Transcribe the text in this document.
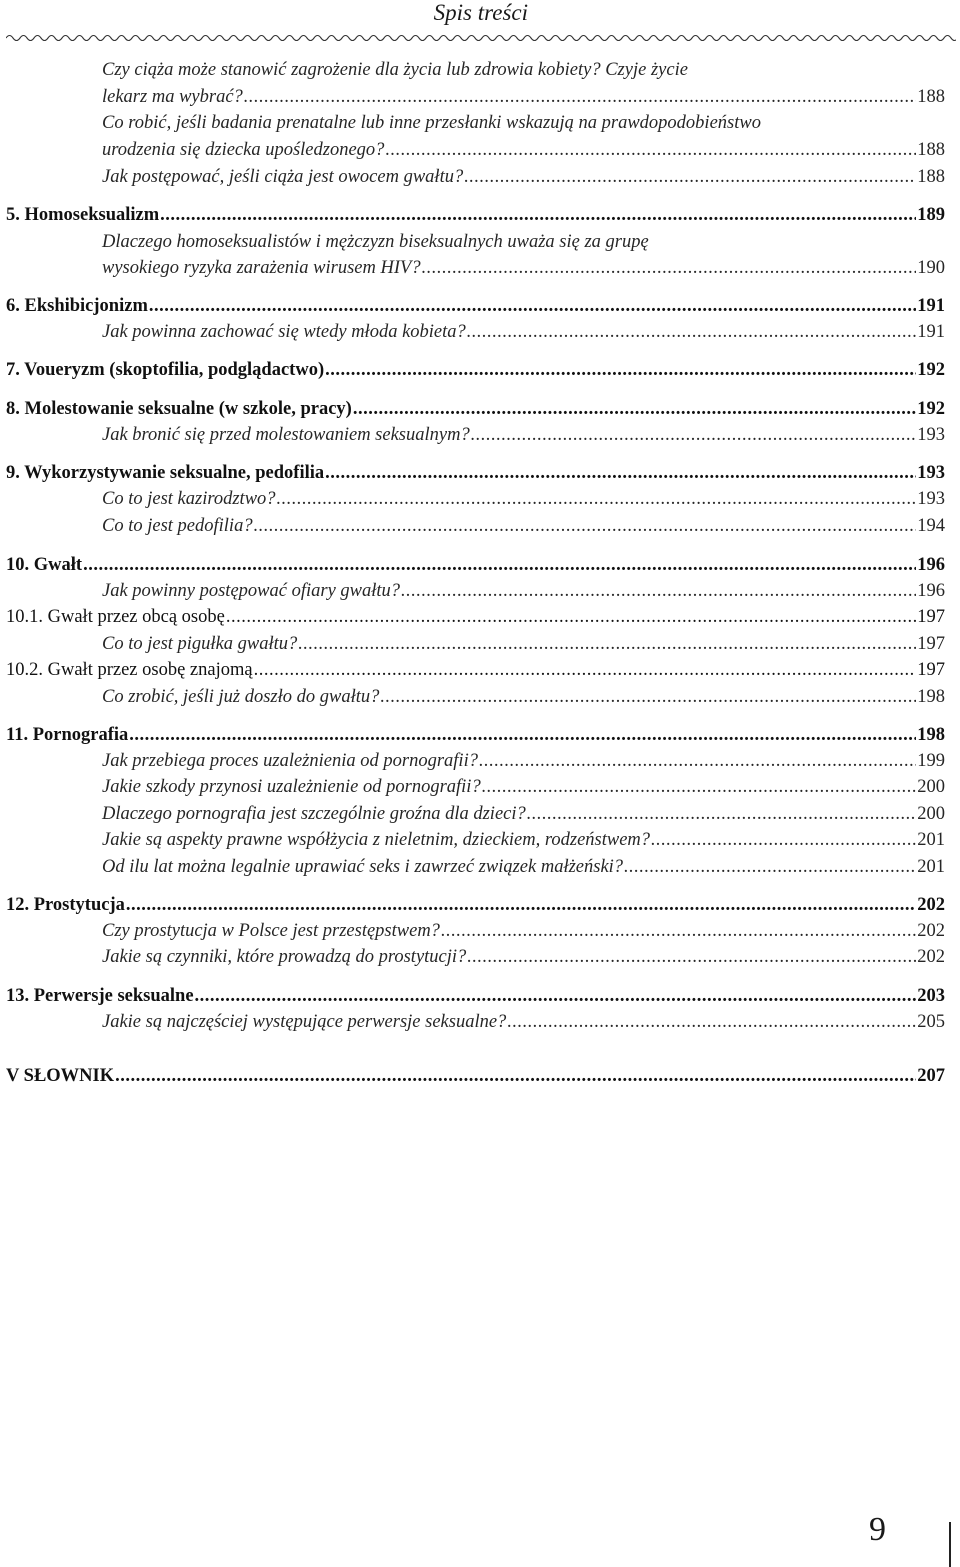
Spis treści
Czy ciąża może stanowić zagrożenie dla życia lub zdrowia kobiety? Czyje życie
lekarz ma wybrać? .....	188
Co robić, jeśli badania prenatalne lub inne przesłanki wskazują na prawdopodobieństwo
urodzenia się dziecka upośledzonego? .....	188
Jak postępować, jeśli ciąża jest owocem gwałtu? .....	188
5. Homoseksualizm .....	189
Dlaczego homoseksualistów i mężczyzn biseksualnych uważa się za grupę
wysokiego ryzyka zarażenia wirusem HIV? .....	190
6. Ekshibicjonizm .....	191
Jak powinna zachować się wtedy młoda kobieta? .....	191
7. Voueryzm (skoptofilia, podglądactwo) .....	192
8. Molestowanie seksualne (w szkole, pracy) .....	192
Jak bronić się przed molestowaniem seksualnym? .....	193
9. Wykorzystywanie seksualne, pedofilia .....	193
Co to jest kazirodztwo? .....	193
Co to jest pedofilia? .....	194
10. Gwałt .....	196
Jak powinny postępować ofiary gwałtu? .....	196
10.1. Gwałt przez obcą osobę .....	197
Co to jest pigułka gwałtu? .....	197
10.2. Gwałt przez osobę znajomą .....	197
Co zrobić, jeśli już doszło do gwałtu? .....	198
11. Pornografia .....	198
Jak przebiega proces uzależnienia od pornografii? .....	199
Jakie szkody przynosi uzależnienie od pornografii? .....	200
Dlaczego pornografia jest szczególnie groźna dla dzieci? .....	200
Jakie są aspekty prawne współżycia z nieletnim, dzieckiem, rodzeństwem? .....	201
Od ilu lat można legalnie uprawiać seks i zawrzeć związek małżeński? .....	201
12. Prostytucja .....	202
Czy prostytucja w Polsce jest przestępstwem? .....	202
Jakie są czynniki, które prowadzą do prostytucji? .....	202
13. Perwersje seksualne .....	203
Jakie są najczęściej występujące perwersje seksualne? .....	205
V SŁOWNIK .....	207
9
